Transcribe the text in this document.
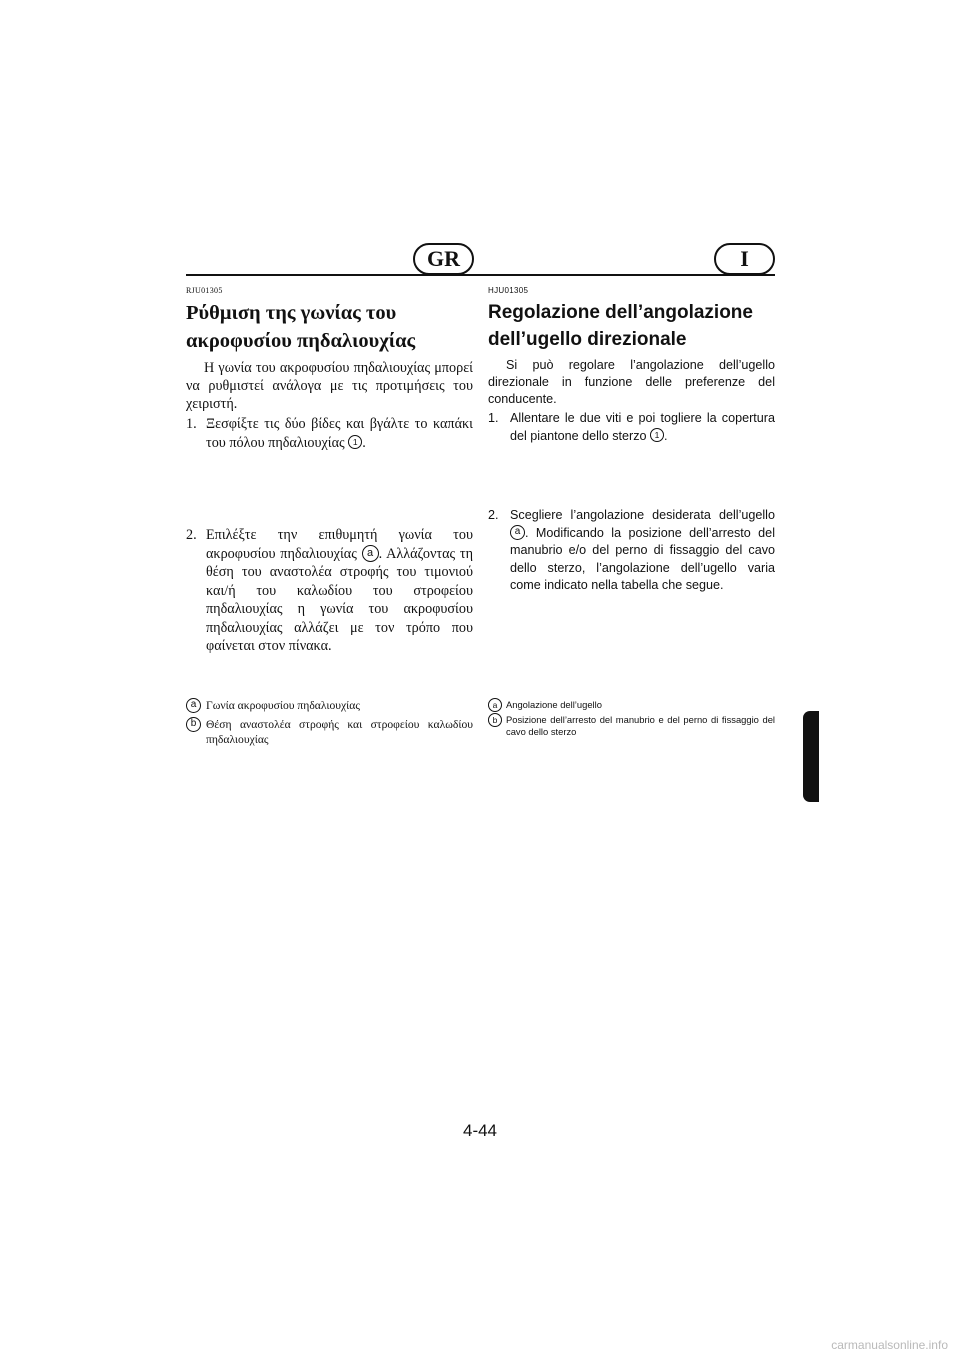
GR	I
RJU01305
Ρύθμιση της γωνίας του
ακροφυσίου πηδαλιουχίας

Η γωνία του ακροφυσίου πηδαλιουχίας μπορεί να ρυθμιστεί ανάλογα με τις προτιμήσεις του χειριστή.

1. Ξεσφίξτε τις δύο βίδες και βγάλτε το καπάκι του πόλου πηδαλιουχίας 1 .
2. Επιλέξτε την επιθυμητή γωνία του ακροφυσίου πηδαλιουχίας a . Αλλάζοντας τη θέση του αναστολέα στροφής του τιμονιού και/ή του καλωδίου του στροφείου πηδαλιουχίας η γωνία του ακροφυσίου πηδαλιουχίας αλλάζει με τον τρόπο που φαίνεται στον πίνακα.
HJU01305
Regolazione dell’angolazione
dell’ugello direzionale

Si può regolare l’angolazione dell’ugello direzionale in funzione delle preferenze del conducente.

1. Allentare le due viti e poi togliere la copertura del piantone dello sterzo 1 .
2. Scegliere l’angolazione desiderata dell’ugello a . Modificando la posizione dell’arresto del manubrio e/o del perno di fissaggio del cavo dello sterzo, l’angolazione dell’ugello varia come indicato nella tabella che segue.
a Γωνία ακροφυσίου πηδαλιουχίας
b Θέση αναστολέα στροφής και στροφείου καλωδίου πηδαλιουχίας
a Angolazione dell’ugello
b Posizione dell’arresto del manubrio e del perno di fissaggio del cavo dello sterzo
4-44
carmanualsonline.info
